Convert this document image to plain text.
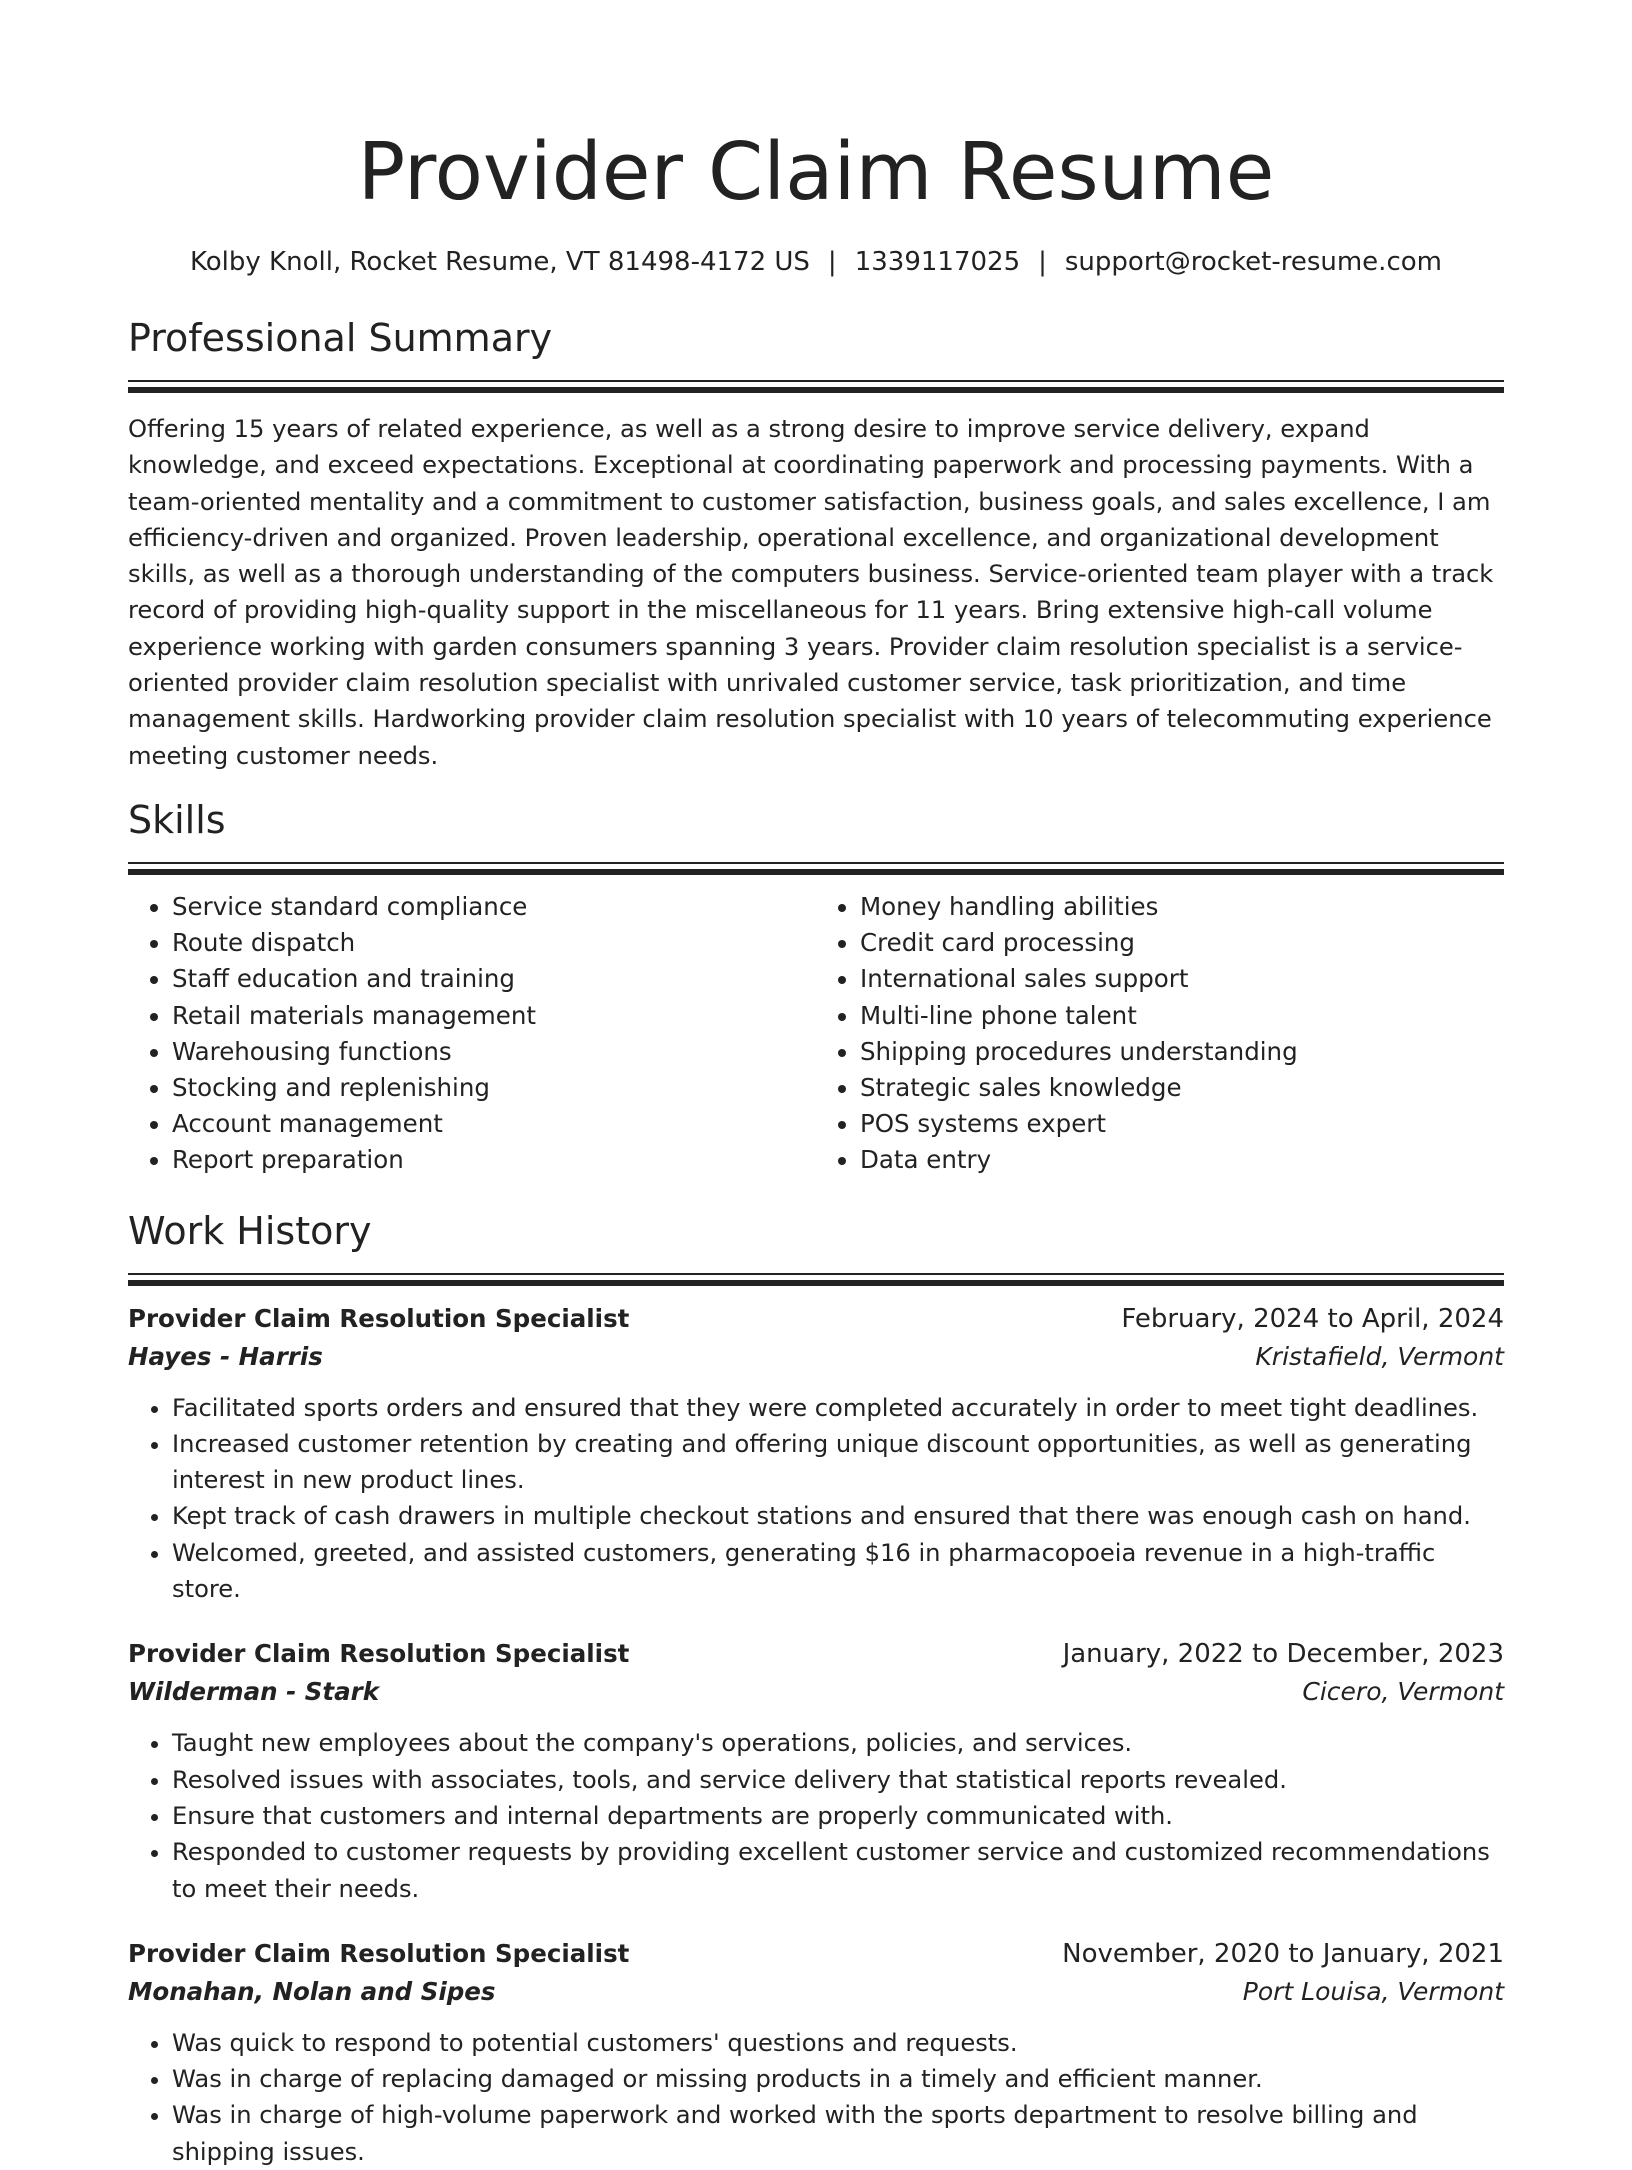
Provider Claim Resume
Kolby Knoll, Rocket Resume, VT 81498-4172 US | 1339117025 | support@rocket-resume.com
Professional Summary

Offering 15 years of related experience, as well as a strong desire to improve service delivery, expand knowledge, and exceed expectations. Exceptional at coordinating paperwork and processing payments. With a team-oriented mentality and a commitment to customer satisfaction, business goals, and sales excellence, I am efficiency-driven and organized. Proven leadership, operational excellence, and organizational development skills, as well as a thorough understanding of the computers business. Service-oriented team player with a track record of providing high-quality support in the miscellaneous for 11 years. Bring extensive high-call volume experience working with garden consumers spanning 3 years. Provider claim resolution specialist is a service-oriented provider claim resolution specialist with unrivaled customer service, task prioritization, and time management skills. Hardworking provider claim resolution specialist with 10 years of telecommuting experience meeting customer needs.

Skills
• Service standard compliance
• Route dispatch
• Staff education and training
• Retail materials management
• Warehousing functions
• Stocking and replenishing
• Account management
• Report preparation
• Money handling abilities
• Credit card processing
• International sales support
• Multi-line phone talent
• Shipping procedures understanding
• Strategic sales knowledge
• POS systems expert
• Data entry
Work History
Provider Claim Resolution Specialist	February, 2024 to April, 2024
Hayes - Harris	Kristafield, Vermont
• Facilitated sports orders and ensured that they were completed accurately in order to meet tight deadlines.
• Increased customer retention by creating and offering unique discount opportunities, as well as generating interest in new product lines.
• Kept track of cash drawers in multiple checkout stations and ensured that there was enough cash on hand.
• Welcomed, greeted, and assisted customers, generating $16 in pharmacopoeia revenue in a high-traffic store.
Provider Claim Resolution Specialist	January, 2022 to December, 2023
Wilderman - Stark	Cicero, Vermont
• Taught new employees about the company's operations, policies, and services.
• Resolved issues with associates, tools, and service delivery that statistical reports revealed.
• Ensure that customers and internal departments are properly communicated with.
• Responded to customer requests by providing excellent customer service and customized recommendations to meet their needs.
Provider Claim Resolution Specialist	November, 2020 to January, 2021
Monahan, Nolan and Sipes	Port Louisa, Vermont
• Was quick to respond to potential customers' questions and requests.
• Was in charge of replacing damaged or missing products in a timely and efficient manner.
• Was in charge of high-volume paperwork and worked with the sports department to resolve billing and shipping issues.
